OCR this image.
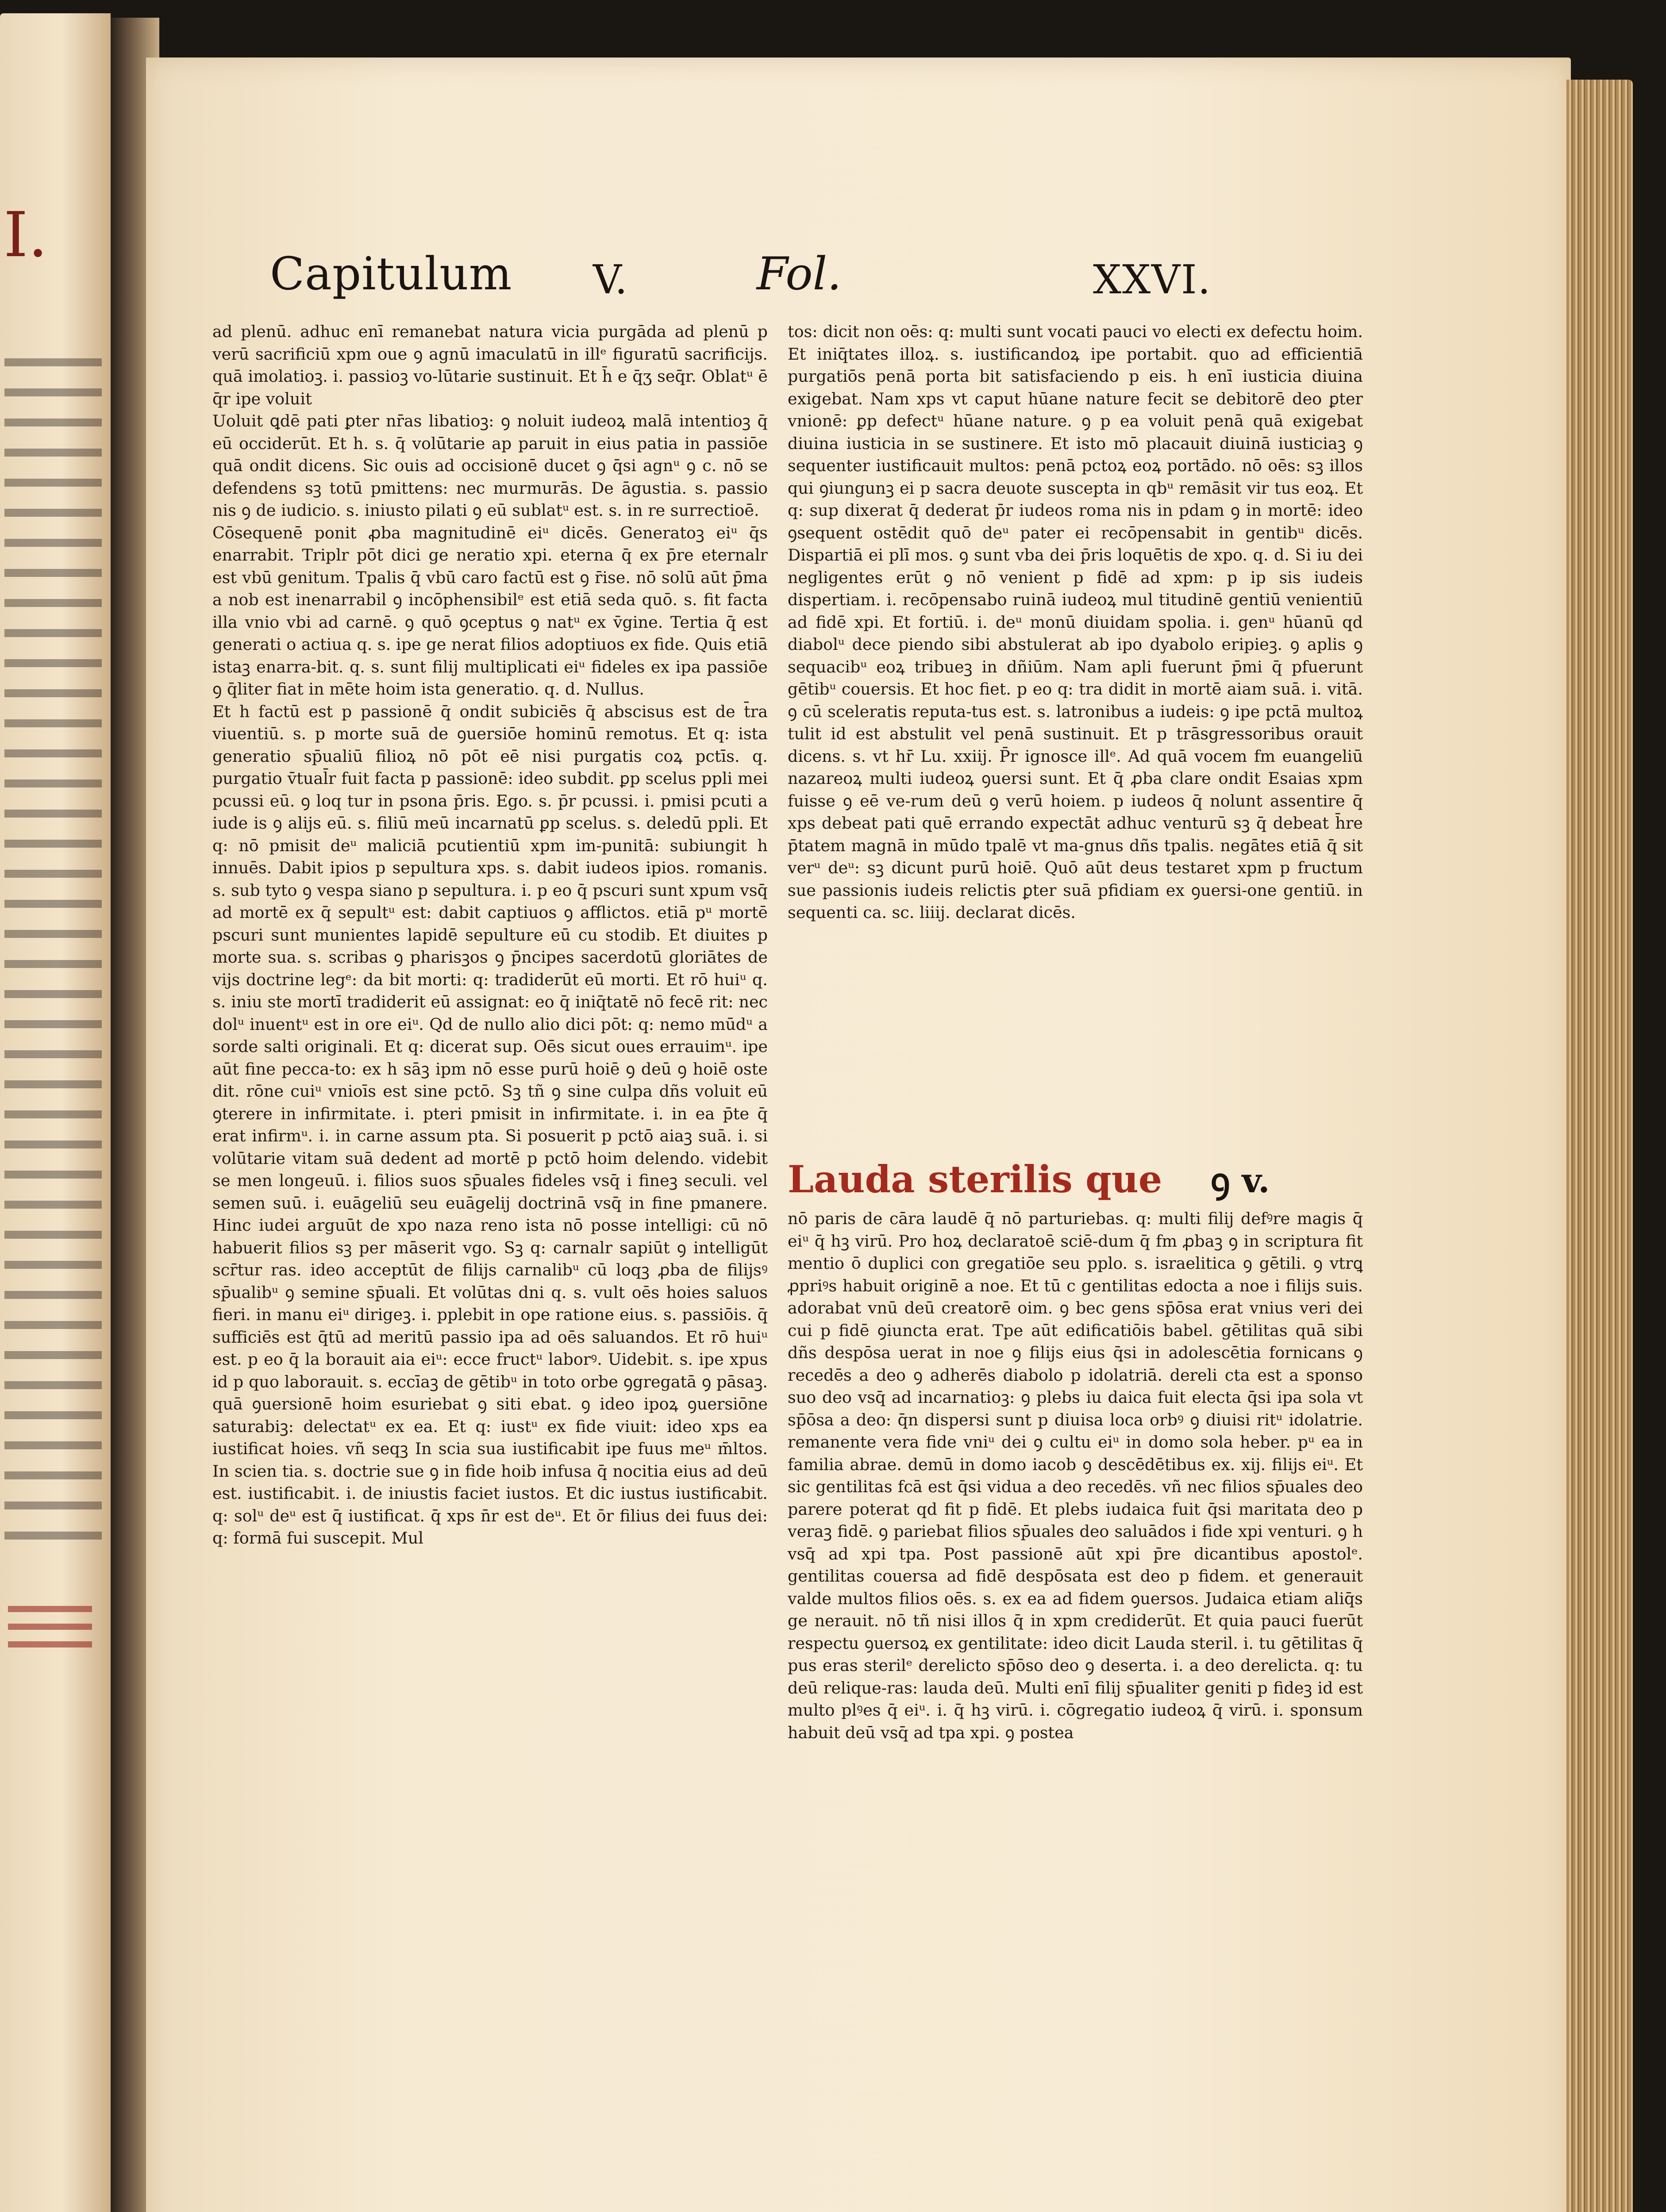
I.
Capitulum V.	Fol.	XXVI.

ad plenū. adhuc enī remanebat natura vicia purgāda ad plenū p verū sacrificiū xpm oue ꝯ agnū imaculatū in illᵉ figuratū sacrificijs. quā imolatioꝫ. i. passioꝫ vo-lūtarie sustinuit. Et h̄ e q̄ʒ seq̄r. Oblatᵘ ē q̄r ipe voluit

Uoluit ꝗdē pati ꝑter nr̄as libatioꝫ: ꝯ noluit iudeoꝝ malā intentioꝫ q̄ eū occiderūt. Et h. s. q̄ volūtarie ap paruit in eius patia in passiōe quā ondit dicens. Sic ouis ad occisionē ducet ꝯ q̄si agnᵘ ꝯ c. nō se defendens sꝫ totū pmittens: nec murmurās. De āgustia. s. passio nis ꝯ de iudicio. s. iniusto pilati ꝯ eū sublatᵘ est. s. in re surrectioē.

Cōsequenē ponit ꝓba magnitudinē eiᵘ dicēs. Generatoꝫ eiᵘ q̄s enarrabit. Triplr pōt dici ge neratio xpi. eterna q̄ ex p̄re eternalr est vbū genitum. Tpalis q̄ vbū caro factū est ꝯ r̄ise. nō solū aūt p̄ma a nob est inenarrabil ꝯ incōphensibilᵉ est etiā seda quō. s. fit facta illa vnio vbi ad carnē. ꝯ quō ꝯceptus ꝯ natᵘ ex v̄gine. Tertia q̄ est generati o actiua q. s. ipe ge nerat filios adoptiuos ex fide. Quis etiā istaꝫ enarra-bit. q. s. sunt filij multiplicati eiᵘ fideles ex ipa passiōe ꝯ q̄liter fiat in mēte hoim ista generatio. q. d. Nullus.

Et h factū est p passionē q̄ ondit subiciēs q̄ abscisus est de t̄ra viuentiū. s. p morte suā de ꝯuersiōe hominū remotus. Et q: ista generatio sp̄ualiū filioꝝ nō pōt eē nisi purgatis coꝝ pctīs. q. purgatio v̄tual̄r fuit facta p passionē: ideo subdit. ꝑp scelus ppli mei pcussi eū. ꝯ loq tur in psona p̄ris. Ego. s. p̄r pcussi. i. pmisi pcuti a iude is ꝯ alijs eū. s. filiū meū incarnatū ꝑp scelus. s. deledū ppli. Et q: nō pmisit deᵘ maliciā pcutientiū xpm im-punitā: subiungit h innuēs. Dabit ipios p sepultura xps. s. dabit iudeos ipios. romanis. s. sub tyto ꝯ vespa siano p sepultura. i. p eo q̄ pscuri sunt xpum vsq̄ ad mortē ex q̄ sepultᵘ est: dabit captiuos ꝯ afflictos. etiā pᵘ mortē pscuri sunt munientes lapidē sepulture eū cu stodib. Et diuites p morte sua. s. scribas ꝯ pharisꝫos ꝯ p̄ncipes sacerdotū gloriātes de vijs doctrine legᵉ: da bit morti: q: tradiderūt eū morti. Et rō huiᵘ q. s. iniu ste mortī tradiderit eū assignat: eo q̄ iniq̄tatē nō fecē rit: nec dolᵘ inuentᵘ est in ore eiᵘ. Qd de nullo alio dici pōt: q: nemo mūdᵘ a sorde salti originali. Et q: dicerat sup. Oēs sicut oues errauimᵘ. ipe aūt fine pecca-to: ex h sāꝫ ipm nō esse purū hoiē ꝯ deū ꝯ hoiē oste dit. rōne cuiᵘ vnioīs est sine pctō. Sꝫ tñ ꝯ sine culpa dñs voluit eū ꝯterere in infirmitate. i. pteri pmisit in infirmitate. i. in ea p̄te q̄ erat infirmᵘ. i. in carne assum pta. Si posuerit p pctō aiaꝫ suā. i. si volūtarie vitam suā dedent ad mortē p pctō hoim delendo. videbit se men longeuū. i. filios suos sp̄uales fideles vsq̄ i fineꝫ seculi. vel semen suū. i. euāgeliū seu euāgelij doctrinā vsq̄ in fine pmanere. Hinc iudei arguūt de xpo naza reno ista nō posse intelligi: cū nō habuerit filios sꝫ per māserit vgo. Sꝫ q: carnalr sapiūt ꝯ intelligūt scr̄tur ras. ideo acceptūt de filijs carnalibᵘ cū loqꝫ ꝓba de filijsꝰ sp̄ualibᵘ ꝯ semine sp̄uali. Et volūtas dni q. s. vult oēs hoies saluos fieri. in manu eiᵘ dirigeꝫ. i. pplebit in ope ratione eius. s. passiōis. q̄ sufficiēs est q̄tū ad meritū passio ipa ad oēs saluandos. Et rō huiᵘ est. p eo q̄ la borauit aia eiᵘ: ecce fructᵘ laborꝰ. Uidebit. s. ipe xpus id p quo laborauit. s. eccīaꝫ de gētibᵘ in toto orbe ꝯgregatā ꝯ pāsaꝫ. quā ꝯuersionē hoim esuriebat ꝯ siti ebat. ꝯ ideo ipoꝝ ꝯuersiōne saturabiꝫ: delectatᵘ ex ea. Et q: iustᵘ ex fide viuit: ideo xps ea iustificat hoies. vñ seqꝫ In scia sua iustificabit ipe fuus meᵘ m̄ltos. In scien tia. s. doctrie sue ꝯ in fide hoib infusa q̄ nocitia eius ad deū est. iustificabit. i. de iniustis faciet iustos. Et dic iustus iustificabit. q: solᵘ deᵘ est q̄ iustificat. q̄ xps n̄r est deᵘ. Et ōr filius dei fuus dei: q: formā fui suscepit. Mul

tos: dicit non oēs: q: multi sunt vocati pauci vo electi ex defectu hoim. Et iniq̄tates illoꝝ. s. iustificandoꝝ ipe portabit. quo ad efficientiā purgatiōs penā porta bit satisfaciendo p eis. h enī iusticia diuina exigebat. Nam xps vt caput hūane nature fecit se debitorē deo ꝑter vnionē: ꝑp defectᵘ hūane nature. ꝯ p ea voluit penā quā exigebat diuina iusticia in se sustinere. Et isto mō placauit diuinā iusticiaꝫ ꝯ sequenter iustificauit multos: penā pctoꝝ eoꝝ portādo. nō oēs: sꝫ illos qui ꝯiungunꝫ ei p sacra deuote suscepta in qbᵘ remāsit vir tus eoꝝ. Et q: sup dixerat q̄ dederat p̄r iudeos roma nis in pdam ꝯ in mortē: ideo ꝯsequent ostēdit quō deᵘ pater ei recōpensabit in gentibᵘ dicēs. Dispartiā ei plī mos. ꝯ sunt vba dei p̄ris loquētis de xpo. q. d. Si iu dei negligentes erūt ꝯ nō venient p fidē ad xpm: p ip sis iudeis dispertiam. i. recōpensabo ruinā iudeoꝝ mul titudinē gentiū venientiū ad fidē xpi. Et fortiū. i. deᵘ monū diuidam spolia. i. genᵘ hūanū qd diabolᵘ dece piendo sibi abstulerat ab ipo dyabolo eripieꝫ. ꝯ aplis ꝯ sequacibᵘ eoꝝ tribueꝫ in dñiūm. Nam apli fuerunt p̄mi q̄ pfuerunt gētibᵘ couersis. Et hoc fiet. p eo q: tra didit in mortē aiam suā. i. vitā. ꝯ cū sceleratis reputa-tus est. s. latronibus a iudeis: ꝯ ipe pctā multoꝝ tulit id est abstulit vel penā sustinuit. Et p trāsgressoribus orauit dicens. s. vt hr̄ Lu. xxiij. P̄r ignosce illᵉ. Ad quā vocem fm euangeliū nazareoꝝ multi iudeoꝝ ꝯuersi sunt. Et q̄ ꝓba clare ondit Esaias xpm fuisse ꝯ eē ve-rum deū ꝯ verū hoiem. p iudeos q̄ nolunt assentire q̄ xps debeat pati quē errando expectāt adhuc venturū sꝫ q̄ debeat h̄re p̄tatem magnā in mūdo tpalē vt ma-gnus dñs tpalis. negātes etiā q̄ sit verᵘ deᵘ: sꝫ dicunt purū hoiē. Quō aūt deus testaret xpm p fructum sue passionis iudeis relictis ꝑter suā pfidiam ex ꝯuersi-one gentiū. in sequenti ca. sc. liiij. declarat dicēs.

Lauda sterilis que ꝯ v.

nō paris de cāra laudē q̄ nō parturiebas. q: multi filij defꝰre magis q̄ eiᵘ q̄ hꝫ virū. Pro hoꝝ declaratoē sciē-dum q̄ fm ꝓbaꝫ ꝯ in scriptura fit mentio ō duplici con gregatiōe seu pplo. s. israelitica ꝯ gētili. ꝯ vtrꝗ ꝓpriꝰs habuit originē a noe. Et tū c gentilitas edocta a noe i filijs suis. adorabat vnū deū creatorē oim. ꝯ bec gens sp̄ōsa erat vnius veri dei cui p fidē ꝯiuncta erat. Tpe aūt edificatiōis babel. gētilitas quā sibi dñs despōsa uerat in noe ꝯ filijs eius q̄si in adolescētia fornicans ꝯ recedēs a deo ꝯ adherēs diabolo p idolatriā. dereli cta est a sponso suo deo vsq̄ ad incarnatioꝫ: ꝯ plebs iu daica fuit electa q̄si ipa sola vt sp̄ōsa a deo: q̄n dispersi sunt p diuisa loca orbꝰ ꝯ diuisi ritᵘ idolatrie. remanente vera fide vniᵘ dei ꝯ cultu eiᵘ in domo sola heber. pᵘ ea in familia abrae. demū in domo iacob ꝯ descēdētibus ex. xij. filijs eiᵘ. Et sic gentilitas fcā est q̄si vidua a deo recedēs. vñ nec filios sp̄uales deo parere poterat qd fit p fidē. Et plebs iudaica fuit q̄si maritata deo p veraꝫ fidē. ꝯ pariebat filios sp̄uales deo saluādos i fide xpi venturi. ꝯ h vsq̄ ad xpi tpa. Post passionē aūt xpi p̄re dicantibus apostolᵉ. gentilitas couersa ad fidē despōsata est deo p fidem. et generauit valde multos filios oēs. s. ex ea ad fidem ꝯuersos. Judaica etiam aliq̄s ge nerauit. nō tñ nisi illos q̄ in xpm crediderūt. Et quia pauci fuerūt respectu ꝯuersoꝝ ex gentilitate: ideo dicit Lauda steril. i. tu gētilitas q̄ pus eras sterilᵉ derelicto sp̄ōso deo ꝯ deserta. i. a deo derelicta. q: tu deū relique-ras: lauda deū. Multi enī filij sp̄ualiter geniti p fideꝫ id est multo plꝰes q̄ eiᵘ. i. q̄ hꝫ virū. i. cōgregatio iudeoꝝ q̄ virū. i. sponsum habuit deū vsq̄ ad tpa xpi. ꝯ postea
